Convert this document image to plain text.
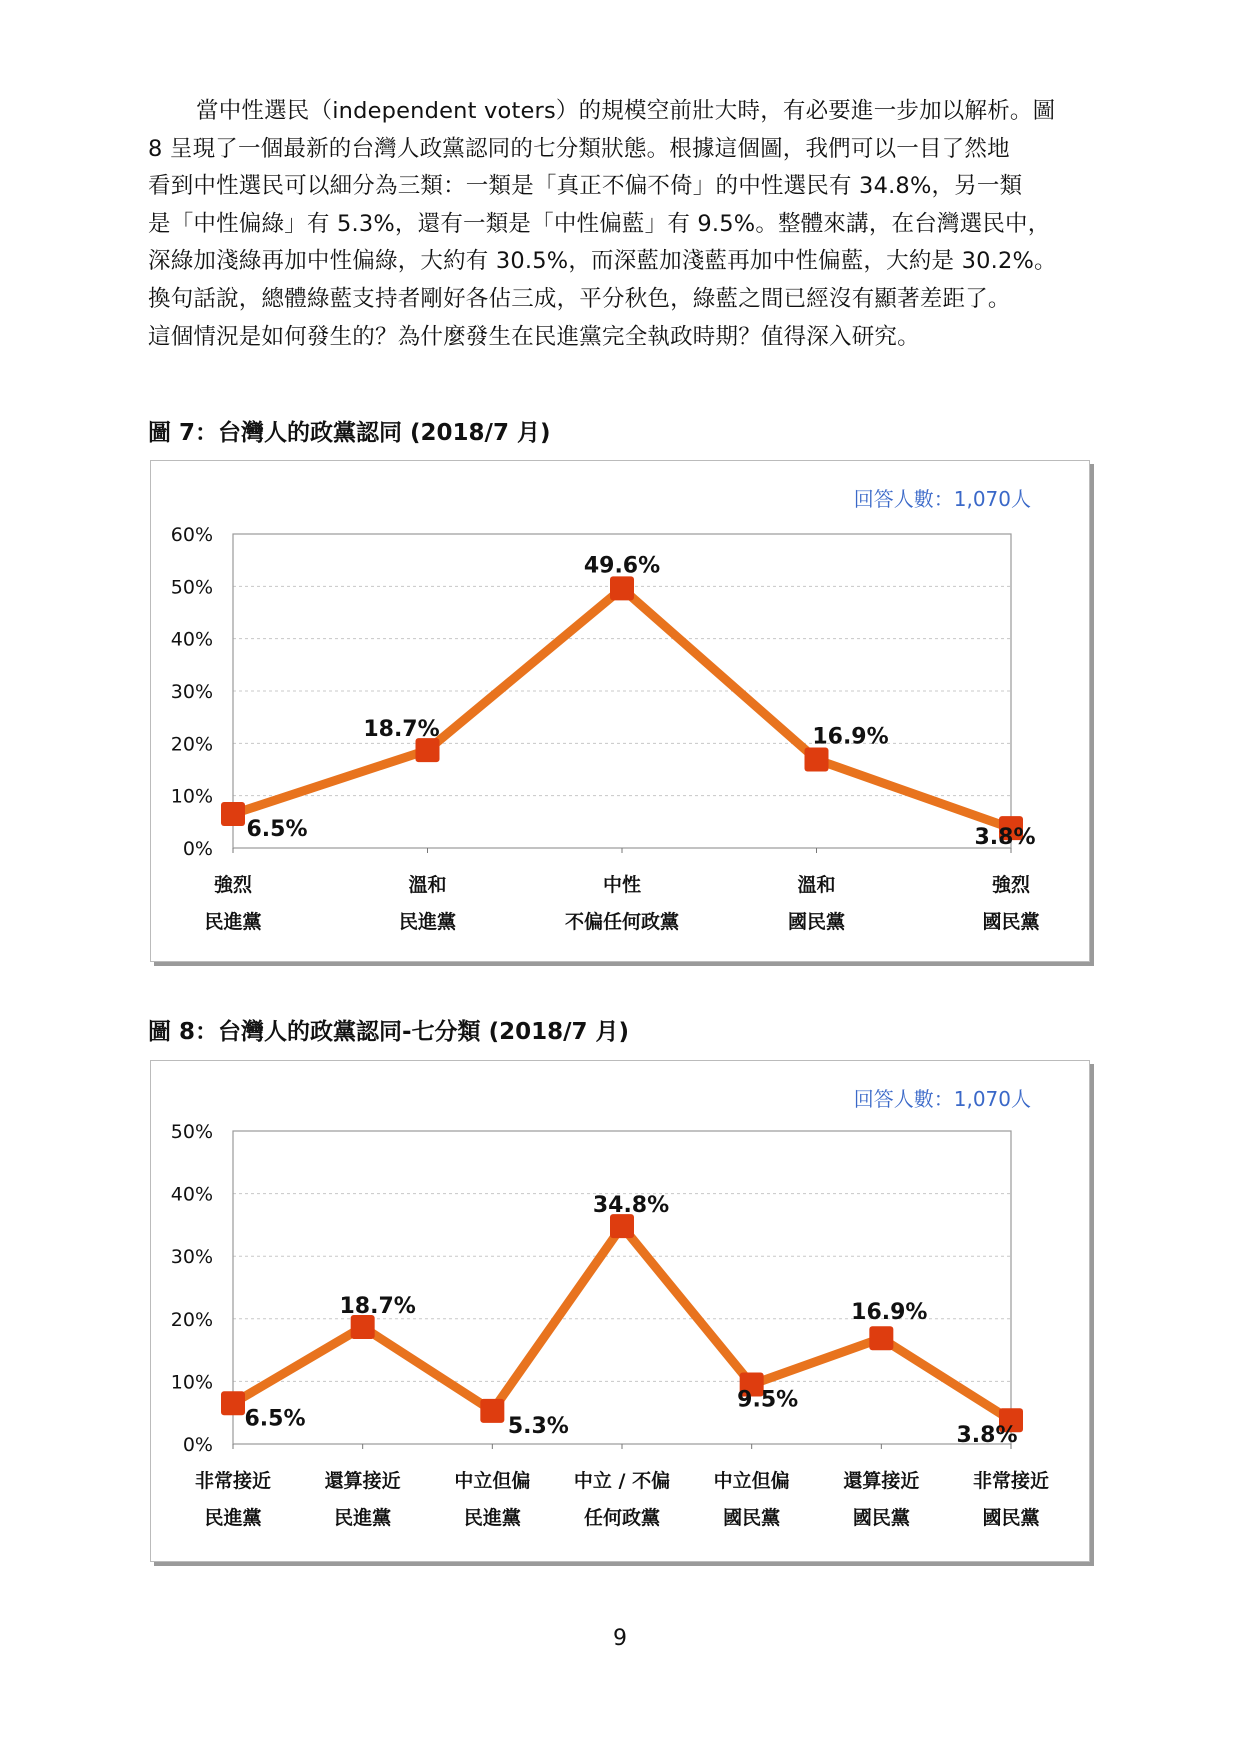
當中性選民（independent voters）的規模空前壯大時，有必要進一步加以解析。圖
8 呈現了一個最新的台灣人政黨認同的七分類狀態。根據這個圖，我們可以一目了然地
看到中性選民可以細分為三類：一類是「真正不偏不倚」的中性選民有 34.8%，另一類
是「中性偏綠」有 5.3%，還有一類是「中性偏藍」有 9.5%。整體來講，在台灣選民中，
深綠加淺綠再加中性偏綠，大約有 30.5%，而深藍加淺藍再加中性偏藍，大約是 30.2%。
換句話說，總體綠藍支持者剛好各佔三成，平分秋色，綠藍之間已經沒有顯著差距了。
這個情況是如何發生的？為什麼發生在民進黨完全執政時期？值得深入研究。
圖 7：台灣人的政黨認同 (2018/7 月)
回答人數：1,070人
0%
10%
20%
30%
40%
50%
60%
6.5%
18.7%
49.6%
16.9%
3.8%
強烈
民進黨
溫和
民進黨
中性
不偏任何政黨
溫和
國民黨
強烈
國民黨
圖 8：台灣人的政黨認同-七分類 (2018/7 月)
回答人數：1,070人
0%
10%
20%
30%
40%
50%
6.5%
18.7%
5.3%
34.8%
9.5%
16.9%
3.8%
非常接近
民進黨
還算接近
民進黨
中立但偏
民進黨
中立 / 不偏
任何政黨
中立但偏
國民黨
還算接近
國民黨
非常接近
國民黨
9
